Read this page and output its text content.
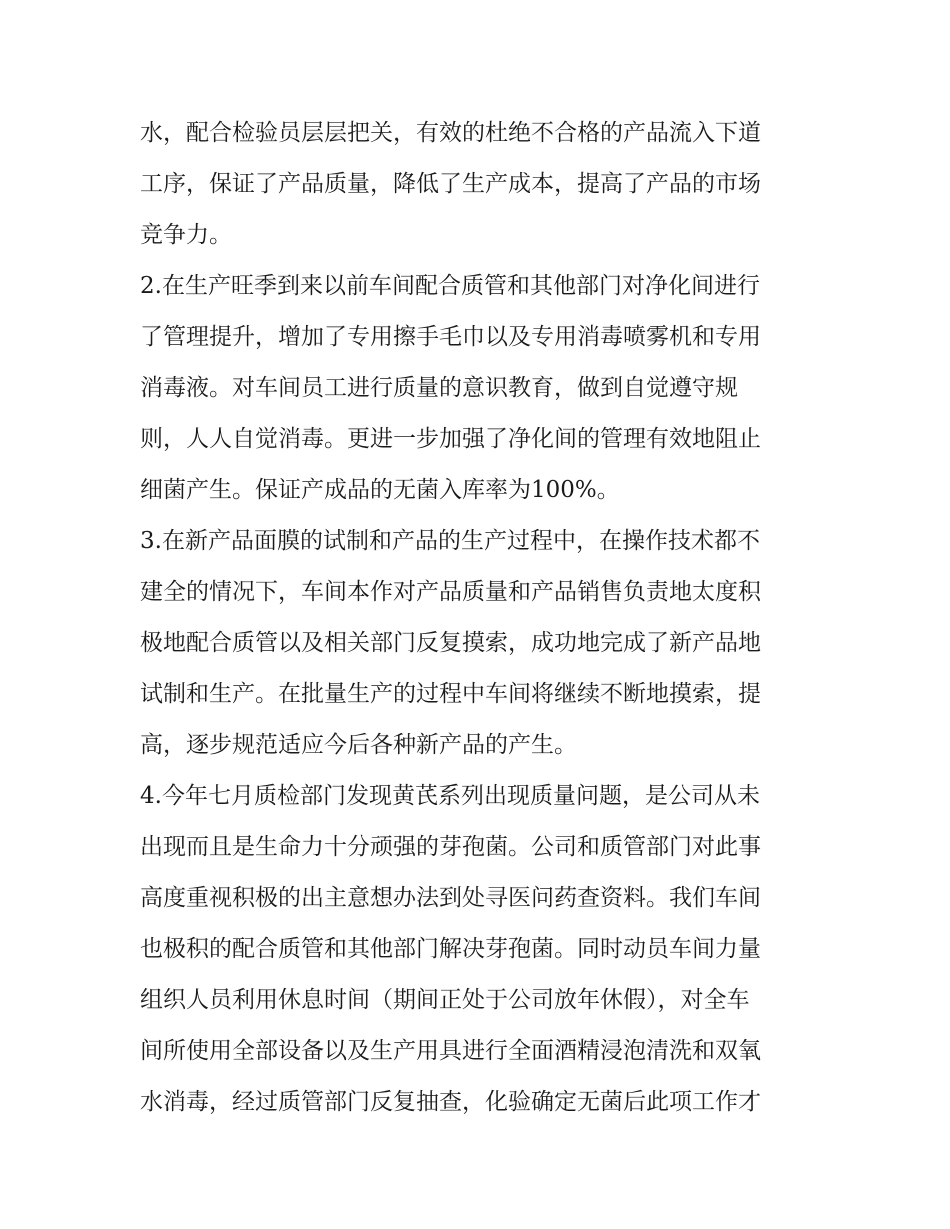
水，配合检验员层层把关，有效的杜绝不合格的产品流入下道
工序，保证了产品质量，降低了生产成本，提高了产品的市场
竞争力。
2.在生产旺季到来以前车间配合质管和其他部门对净化间进行
了管理提升，增加了专用擦手毛巾以及专用消毒喷雾机和专用
消毒液。对车间员工进行质量的意识教育，做到自觉遵守规
则，人人自觉消毒。更进一步加强了净化间的管理有效地阻止
细菌产生。保证产成品的无菌入库率为100%。
3.在新产品面膜的试制和产品的生产过程中，在操作技术都不
建全的情况下，车间本作对产品质量和产品销售负责地太度积
极地配合质管以及相关部门反复摸索，成功地完成了新产品地
试制和生产。在批量生产的过程中车间将继续不断地摸索，提
高，逐步规范适应今后各种新产品的产生。
4.今年七月质检部门发现黄芪系列出现质量问题，是公司从未
出现而且是生命力十分顽强的芽孢菌。公司和质管部门对此事
高度重视积极的出主意想办法到处寻医问药查资料。我们车间
也极积的配合质管和其他部门解决芽孢菌。同时动员车间力量
组织人员利用休息时间（期间正处于公司放年休假），对全车
间所使用全部设备以及生产用具进行全面酒精浸泡清洗和双氧
水消毒，经过质管部门反复抽查，化验确定无菌后此项工作才
